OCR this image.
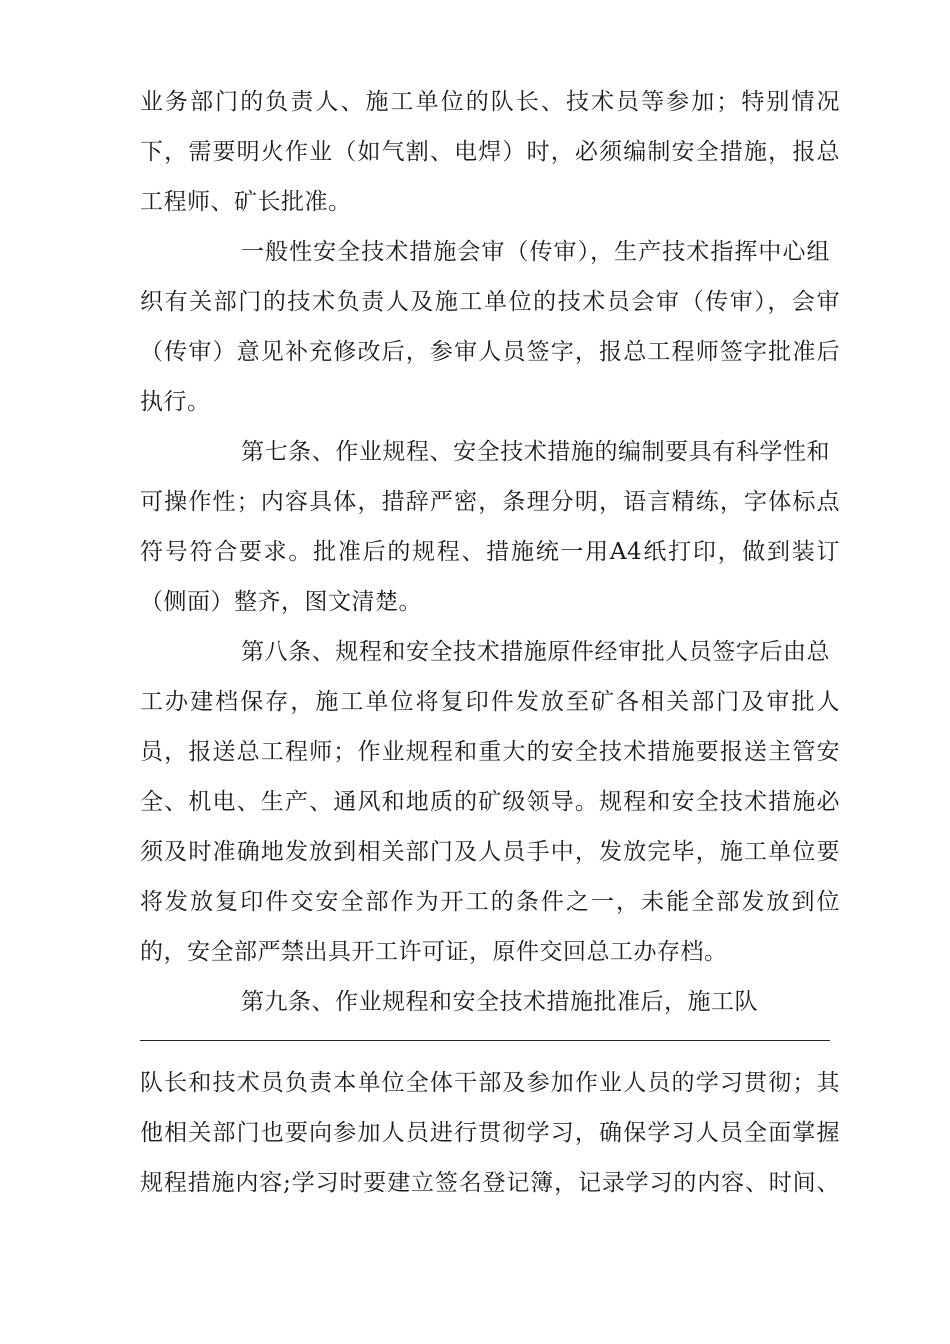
业务部门的负责人、施工单位的队长、技术员等参加；特别情况
下，需要明火作业（如气割、电焊）时，必须编制安全措施，报总
工程师、矿长批准。
一般性安全技术措施会审（传审），生产技术指挥中心组
织有关部门的技术负责人及施工单位的技术员会审（传审），会审
（传审）意见补充修改后，参审人员签字，报总工程师签字批准后
执行。
第七条、作业规程、安全技术措施的编制要具有科学性和
可操作性；内容具体，措辞严密，条理分明，语言精练，字体标点
符号符合要求。批准后的规程、措施统一用A4纸打印，做到装订
（侧面）整齐，图文清楚。
第八条、规程和安全技术措施原件经审批人员签字后由总
工办建档保存，施工单位将复印件发放至矿各相关部门及审批人
员，报送总工程师；作业规程和重大的安全技术措施要报送主管安
全、机电、生产、通风和地质的矿级领导。规程和安全技术措施必
须及时准确地发放到相关部门及人员手中，发放完毕，施工单位要
将发放复印件交安全部作为开工的条件之一，未能全部发放到位
的，安全部严禁出具开工许可证，原件交回总工办存档。
第九条、作业规程和安全技术措施批准后，施工队
队长和技术员负责本单位全体干部及参加作业人员的学习贯彻；其
他相关部门也要向参加人员进行贯彻学习，确保学习人员全面掌握
规程措施内容;学习时要建立签名登记簿，记录学习的内容、时间、
